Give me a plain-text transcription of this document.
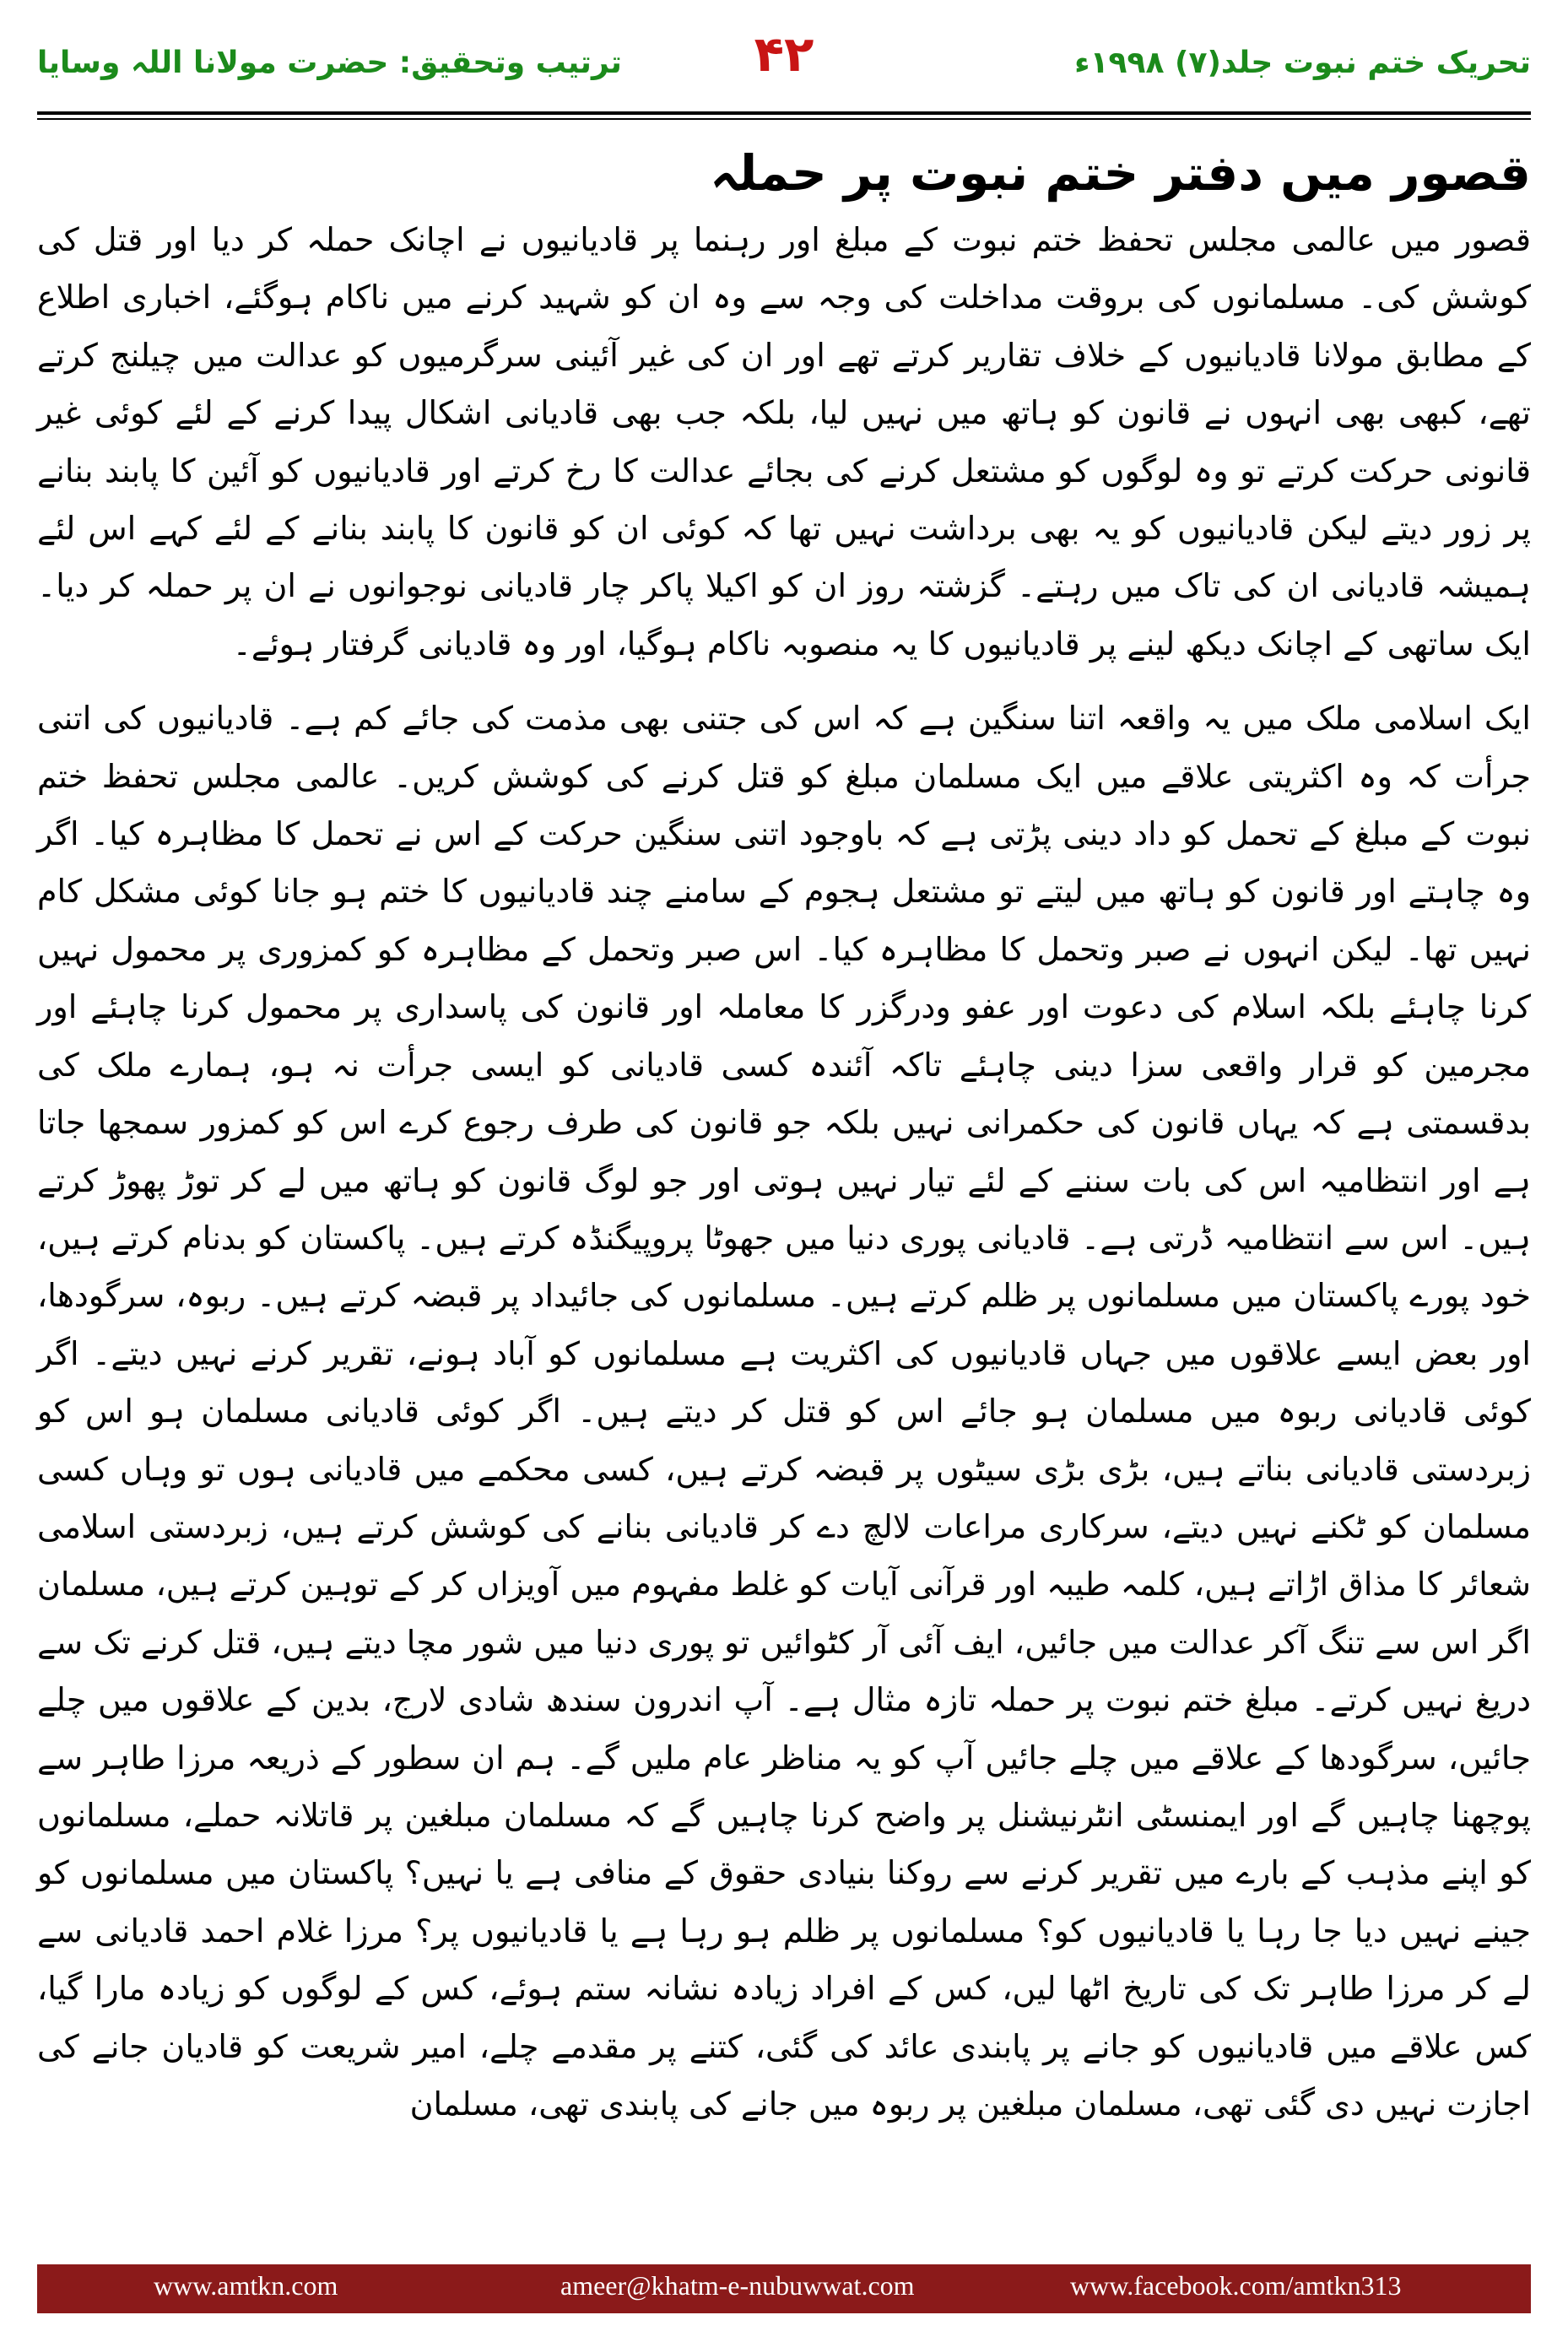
تحریک ختم نبوت جلد(۷) ۱۹۹۸ء
۴۲
ترتیب وتحقیق: حضرت مولانا اللہ وسایا
قصور میں دفتر ختم نبوت پر حملہ

قصور میں عالمی مجلس تحفظ ختم نبوت کے مبلغ اور رہنما پر قادیانیوں نے اچانک حملہ کر دیا اور قتل کی کوشش کی۔ مسلمانوں کی بروقت مداخلت کی وجہ سے وہ ان کو شہید کرنے میں ناکام ہوگئے، اخباری اطلاع کے مطابق مولانا قادیانیوں کے خلاف تقاریر کرتے تھے اور ان کی غیر آئینی سرگرمیوں کو عدالت میں چیلنج کرتے تھے، کبھی بھی انہوں نے قانون کو ہاتھ میں نہیں لیا، بلکہ جب بھی قادیانی اشکال پیدا کرنے کے لئے کوئی غیر قانونی حرکت کرتے تو وہ لوگوں کو مشتعل کرنے کی بجائے عدالت کا رخ کرتے اور قادیانیوں کو آئین کا پابند بنانے پر زور دیتے لیکن قادیانیوں کو یہ بھی برداشت نہیں تھا کہ کوئی ان کو قانون کا پابند بنانے کے لئے کہے اس لئے ہمیشہ قادیانی ان کی تاک میں رہتے۔ گزشتہ روز ان کو اکیلا پاکر چار قادیانی نوجوانوں نے ان پر حملہ کر دیا۔ ایک ساتھی کے اچانک دیکھ لینے پر قادیانیوں کا یہ منصوبہ ناکام ہوگیا، اور وہ قادیانی گرفتار ہوئے۔

ایک اسلامی ملک میں یہ واقعہ اتنا سنگین ہے کہ اس کی جتنی بھی مذمت کی جائے کم ہے۔ قادیانیوں کی اتنی جرأت کہ وہ اکثریتی علاقے میں ایک مسلمان مبلغ کو قتل کرنے کی کوشش کریں۔ عالمی مجلس تحفظ ختم نبوت کے مبلغ کے تحمل کو داد دینی پڑتی ہے کہ باوجود اتنی سنگین حرکت کے اس نے تحمل کا مظاہرہ کیا۔ اگر وہ چاہتے اور قانون کو ہاتھ میں لیتے تو مشتعل ہجوم کے سامنے چند قادیانیوں کا ختم ہو جانا کوئی مشکل کام نہیں تھا۔ لیکن انہوں نے صبر وتحمل کا مظاہرہ کیا۔ اس صبر وتحمل کے مظاہرہ کو کمزوری پر محمول نہیں کرنا چاہئے بلکہ اسلام کی دعوت اور عفو ودرگزر کا معاملہ اور قانون کی پاسداری پر محمول کرنا چاہئے اور مجرمین کو قرار واقعی سزا دینی چاہئے تاکہ آئندہ کسی قادیانی کو ایسی جرأت نہ ہو، ہمارے ملک کی بدقسمتی ہے کہ یہاں قانون کی حکمرانی نہیں بلکہ جو قانون کی طرف رجوع کرے اس کو کمزور سمجھا جاتا ہے اور انتظامیہ اس کی بات سننے کے لئے تیار نہیں ہوتی اور جو لوگ قانون کو ہاتھ میں لے کر توڑ پھوڑ کرتے ہیں۔ اس سے انتظامیہ ڈرتی ہے۔ قادیانی پوری دنیا میں جھوٹا پروپیگنڈہ کرتے ہیں۔ پاکستان کو بدنام کرتے ہیں، خود پورے پاکستان میں مسلمانوں پر ظلم کرتے ہیں۔ مسلمانوں کی جائیداد پر قبضہ کرتے ہیں۔ ربوہ، سرگودھا، اور بعض ایسے علاقوں میں جہاں قادیانیوں کی اکثریت ہے مسلمانوں کو آباد ہونے، تقریر کرنے نہیں دیتے۔ اگر کوئی قادیانی ربوہ میں مسلمان ہو جائے اس کو قتل کر دیتے ہیں۔ اگر کوئی قادیانی مسلمان ہو اس کو زبردستی قادیانی بناتے ہیں، بڑی بڑی سیٹوں پر قبضہ کرتے ہیں، کسی محکمے میں قادیانی ہوں تو وہاں کسی مسلمان کو ٹکنے نہیں دیتے، سرکاری مراعات لالچ دے کر قادیانی بنانے کی کوشش کرتے ہیں، زبردستی اسلامی شعائر کا مذاق اڑاتے ہیں، کلمہ طیبہ اور قرآنی آیات کو غلط مفہوم میں آویزاں کر کے توہین کرتے ہیں، مسلمان اگر اس سے تنگ آکر عدالت میں جائیں، ایف آئی آر کٹوائیں تو پوری دنیا میں شور مچا دیتے ہیں، قتل کرنے تک سے دریغ نہیں کرتے۔ مبلغ ختم نبوت پر حملہ تازہ مثال ہے۔ آپ اندرون سندھ شادی لارج، بدین کے علاقوں میں چلے جائیں، سرگودھا کے علاقے میں چلے جائیں آپ کو یہ مناظر عام ملیں گے۔ ہم ان سطور کے ذریعہ مرزا طاہر سے پوچھنا چاہیں گے اور ایمنسٹی انٹرنیشنل پر واضح کرنا چاہیں گے کہ مسلمان مبلغین پر قاتلانہ حملے، مسلمانوں کو اپنے مذہب کے بارے میں تقریر کرنے سے روکنا بنیادی حقوق کے منافی ہے یا نہیں؟ پاکستان میں مسلمانوں کو جینے نہیں دیا جا رہا یا قادیانیوں کو؟ مسلمانوں پر ظلم ہو رہا ہے یا قادیانیوں پر؟ مرزا غلام احمد قادیانی سے لے کر مرزا طاہر تک کی تاریخ اٹھا لیں، کس کے افراد زیادہ نشانہ ستم ہوئے، کس کے لوگوں کو زیادہ مارا گیا، کس علاقے میں قادیانیوں کو جانے پر پابندی عائد کی گئی، کتنے پر مقدمے چلے، امیر شریعت کو قادیان جانے کی اجازت نہیں دی گئی تھی، مسلمان مبلغین پر ربوہ میں جانے کی پابندی تھی، مسلمان

www.amtkn.com	ameer@khatm-e-nubuwwat.com	www.facebook.com/amtkn313
